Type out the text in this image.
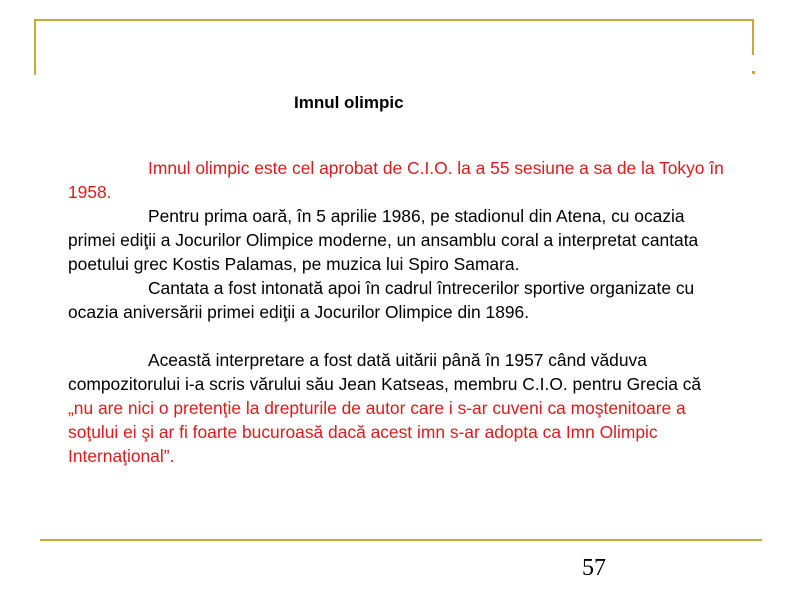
Imnul olimpic

Imnul olimpic este cel aprobat de C.I.O. la a 55 sesiune a sa de la Tokyo în 1958.

Pentru prima oară, în 5 aprilie 1986, pe stadionul din Atena, cu ocazia primei ediţii a Jocurilor Olimpice moderne, un ansamblu coral a interpretat cantata poetului grec Kostis Palamas, pe muzica lui Spiro Samara.

Cantata a fost intonată apoi în cadrul întrecerilor sportive organizate cu ocazia aniversării primei ediţii a Jocurilor Olimpice din 1896.

Această interpretare a fost dată uitării până în 1957 când văduva compozitorului i-a scris vărului său Jean Katseas, membru C.I.O. pentru Grecia că „nu are nici o pretenţie la drepturile de autor care i s-ar cuveni ca moştenitoare a soţului ei şi ar fi foarte bucuroasă dacă acest imn s-ar adopta ca Imn Olimpic Internaţional”.

57
